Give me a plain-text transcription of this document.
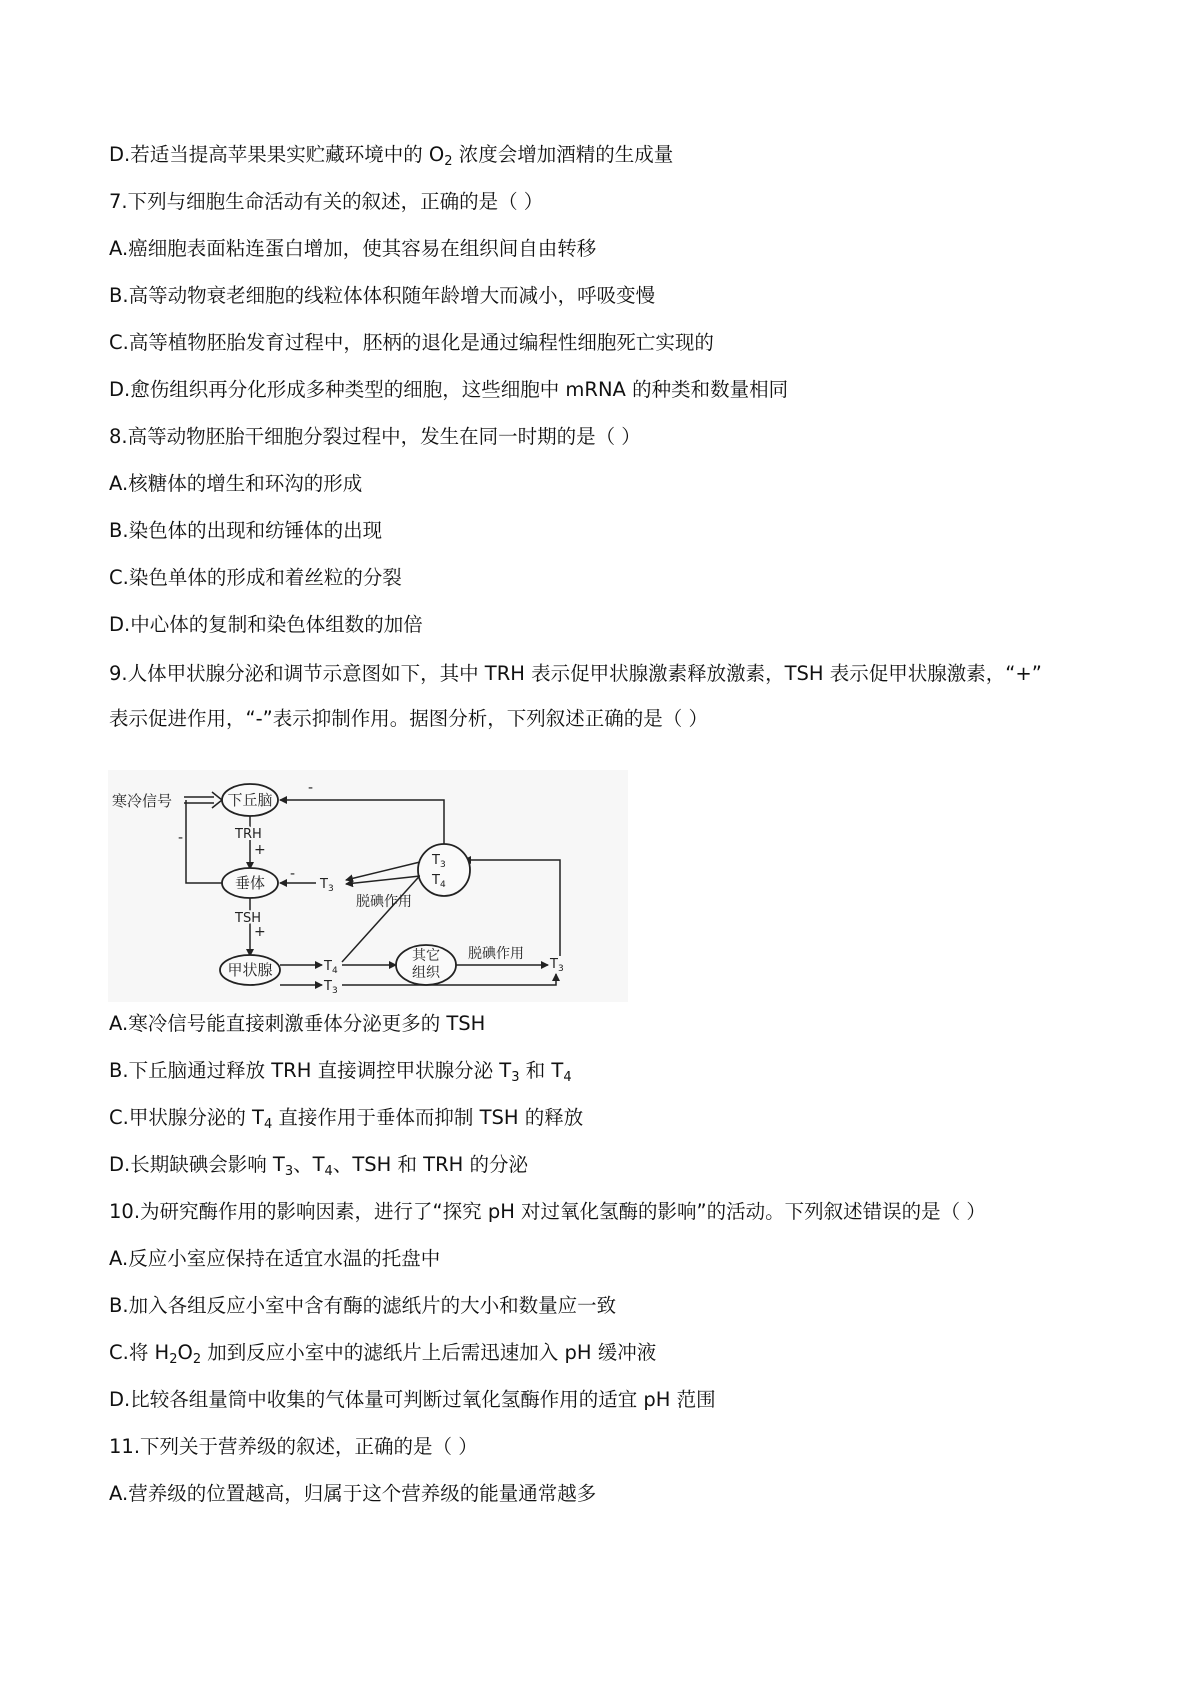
D.若适当提高苹果果实贮藏环境中的 $O_2$ 浓度会增加酒精的生成量
7.下列与细胞生命活动有关的叙述，正确的是（ ）
A.癌细胞表面粘连蛋白增加，使其容易在组织间自由转移
B.高等动物衰老细胞的线粒体体积随年龄增大而减小，呼吸变慢
C.高等植物胚胎发育过程中，胚柄的退化是通过编程性细胞死亡实现的
D.愈伤组织再分化形成多种类型的细胞，这些细胞中 mRNA 的种类和数量相同
8.高等动物胚胎干细胞分裂过程中，发生在同一时期的是（ ）
A.核糖体的增生和环沟的形成
B.染色体的出现和纺锤体的出现
C.染色单体的形成和着丝粒的分裂
D.中心体的复制和染色体组数的加倍
9.人体甲状腺分泌和调节示意图如下，其中 TRH 表示促甲状腺激素释放激素，TSH 表示促甲状腺激素，“+”
表示促进作用，“-”表示抑制作用。据图分析，下列叙述正确的是（ ）
A.寒冷信号能直接刺激垂体分泌更多的 TSH
B.下丘脑通过释放 TRH 直接调控甲状腺分泌 $T_3$ 和 $T_4$
C.甲状腺分泌的 $T_4$ 直接作用于垂体而抑制 TSH 的释放
D.长期缺碘会影响 $T_3$、$T_4$、TSH 和 TRH 的分泌
10.为研究酶作用的影响因素，进行了“探究 pH 对过氧化氢酶的影响”的活动。下列叙述错误的是（ ）
A.反应小室应保持在适宜水温的托盘中
B.加入各组反应小室中含有酶的滤纸片的大小和数量应一致
C.将 $H_2O_2$ 加到反应小室中的滤纸片上后需迅速加入 pH 缓冲液
D.比较各组量筒中收集的气体量可判断过氧化氢酶作用的适宜 pH 范围
11.下列关于营养级的叙述，正确的是（ ）
A.营养级的位置越高，归属于这个营养级的能量通常越多
寒冷信号	下丘脑
TRH
+
垂体
TSH
+
甲状腺
-
$T_4$
$T_3$
其它
组织
脱碘作用
$T_3$
$T_3$
$T_4$
-
$T_3$
-
脱碘作用
